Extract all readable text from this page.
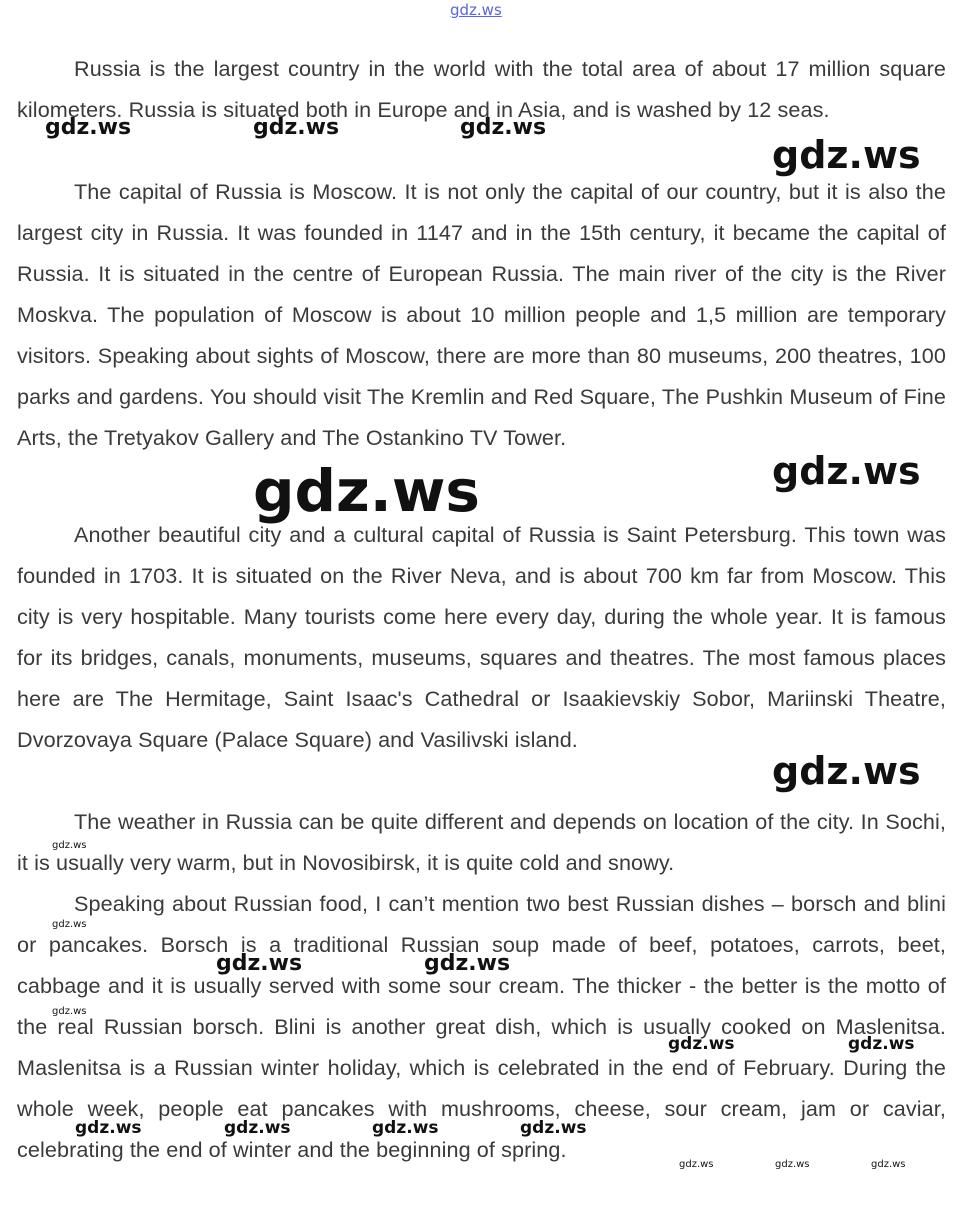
gdz.ws

Russia is the largest country in the world with the total area of about 17 million square kilometers. Russia is situated both in Europe and in Asia, and is washed by 12 seas.

The capital of Russia is Moscow. It is not only the capital of our country, but it is also the largest city in Russia. It was founded in 1147 and in the 15th century, it became the capital of Russia. It is situated in the centre of European Russia. The main river of the city is the River Moskva. The population of Moscow is about 10 million people and 1,5 million are temporary visitors. Speaking about sights of Moscow, there are more than 80 museums, 200 theatres, 100 parks and gardens. You should visit The Kremlin and Red Square, The Pushkin Museum of Fine Arts, the Tretyakov Gallery and The Ostankino TV Tower.

Another beautiful city and a cultural capital of Russia is Saint Petersburg. This town was founded in 1703. It is situated on the River Neva, and is about 700 km far from Moscow. This city is very hospitable. Many tourists come here every day, during the whole year. It is famous for its bridges, canals, monuments, museums, squares and theatres. The most famous places here are The Hermitage, Saint Isaac's Cathedral or Isaakievskiy Sobor, Mariinski Theatre, Dvorzovaya Square (Palace Square) and Vasilivski island.

The weather in Russia can be quite different and depends on location of the city. In Sochi, it is usually very warm, but in Novosibirsk, it is quite cold and snowy.

Speaking about Russian food, I can’t mention two best Russian dishes – borsch and blini or pancakes. Borsch is a traditional Russian soup made of beef, potatoes, carrots, beet, cabbage and it is usually served with some sour cream. The thicker - the better is the motto of the real Russian borsch. Blini is another great dish, which is usually cooked on Maslenitsa. Maslenitsa is a Russian winter holiday, which is celebrated in the end of February. During the whole week, people eat pancakes with mushrooms, cheese, sour cream, jam or caviar, celebrating the end of winter and the beginning of spring.

gdz.ws	gdz.ws	gdz.ws
gdz.ws
gdz.ws
gdz.ws
gdz.ws
gdz.ws
gdz.ws
gdz.ws	gdz.ws
gdz.ws
gdz.ws	gdz.ws
gdz.ws	gdz.ws	gdz.ws	gdz.ws
gdz.ws	gdz.ws	gdz.ws
